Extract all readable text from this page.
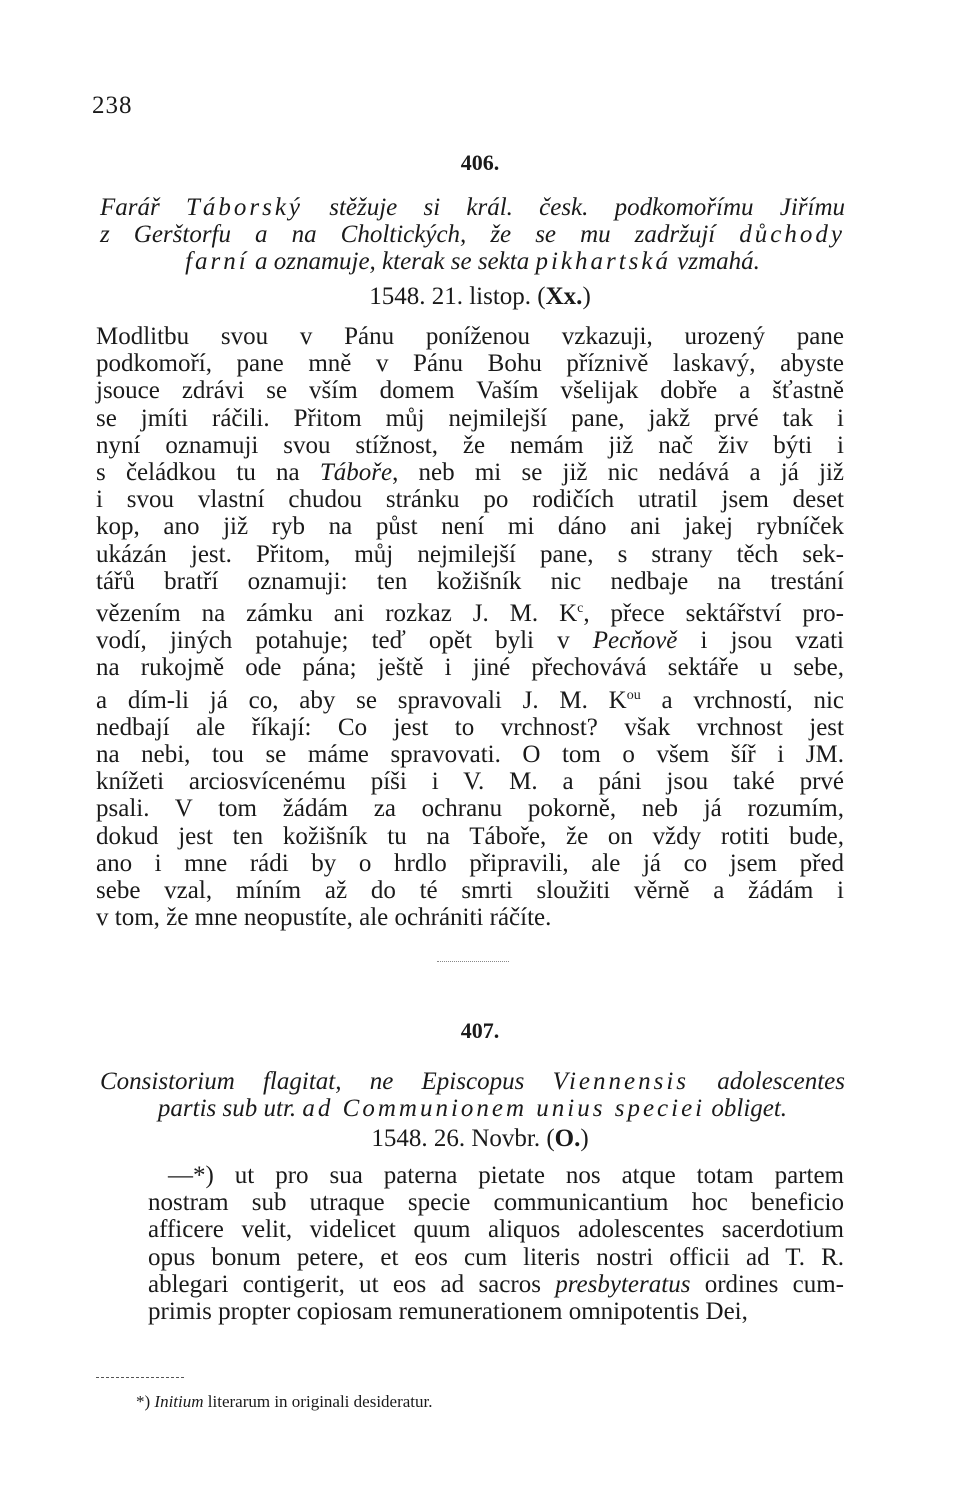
238
406.
Farář Táborský stěžuje si král. česk. podkomořímu Jiřímu
z Gerštorfu a na Choltických, že se mu zadržují důchody
farní a oznamuje, kterak se sekta pikhartská vzmahá.
1548. 21. listop. (Xx.)
Modlitbu svou v Pánu poníženou vzkazuji, urozený pane
podkomoří, pane mně v Pánu Bohu příznivě laskavý, abyste
jsouce zdrávi se vším domem Vaším všelijak dobře a šťastně
se jmíti ráčili. Přitom můj nejmilejší pane, jakž prvé tak i
nyní oznamuji svou stížnost, že nemám již nač živ býti i
s čeládkou tu na Táboře, neb mi se již nic nedává a já již
i svou vlastní chudou stránku po rodičích utratil jsem deset
kop, ano již ryb na půst není mi dáno ani jakej rybníček
ukázán jest. Přitom, můj nejmilejší pane, s strany těch sek-
tářů bratří oznamuji: ten kožišník nic nedbaje na trestání
vězením na zámku ani rozkaz J. M. $K^c$, přece sektářství pro-
vodí, jiných potahuje; teď opět byli v Pecňově i jsou vzati
na rukojmě ode pána; ještě i jiné přechovává sektáře u sebe,
a dím-li já co, aby se spravovali J. M. $K^{ou}$ a vrchností, nic
nedbají ale říkají: Co jest to vrchnost? však vrchnost jest
na nebi, tou se máme spravovati. O tom o všem šíř i JM.
knížeti arciosvícenému píši i V. M. a páni jsou také prvé
psali. V tom žádám za ochranu pokorně, neb já rozumím,
dokud jest ten kožišník tu na Táboře, že on vždy rotiti bude,
ano i mne rádi by o hrdlo připravili, ale já co jsem před
sebe vzal, míním až do té smrti sloužiti věrně a žádám i
v tom, že mne neopustíte, ale ochrániti ráčíte.
407.
Consistorium flagitat, ne Episcopus Viennensis adolescentes
partis sub utr. ad Communionem unius speciei obliget.
1548. 26. Novbr. (O.)
—*) ut pro sua paterna pietate nos atque totam partem
nostram sub utraque specie communicantium hoc beneficio
afficere velit, videlicet quum aliquos adolescentes sacerdotium
opus bonum petere, et eos cum literis nostri officii ad T. R.
ablegari contigerit, ut eos ad sacros presbyteratus ordines cum-
primis propter copiosam remunerationem omnipotentis Dei,
*) Initium literarum in originali desideratur.
